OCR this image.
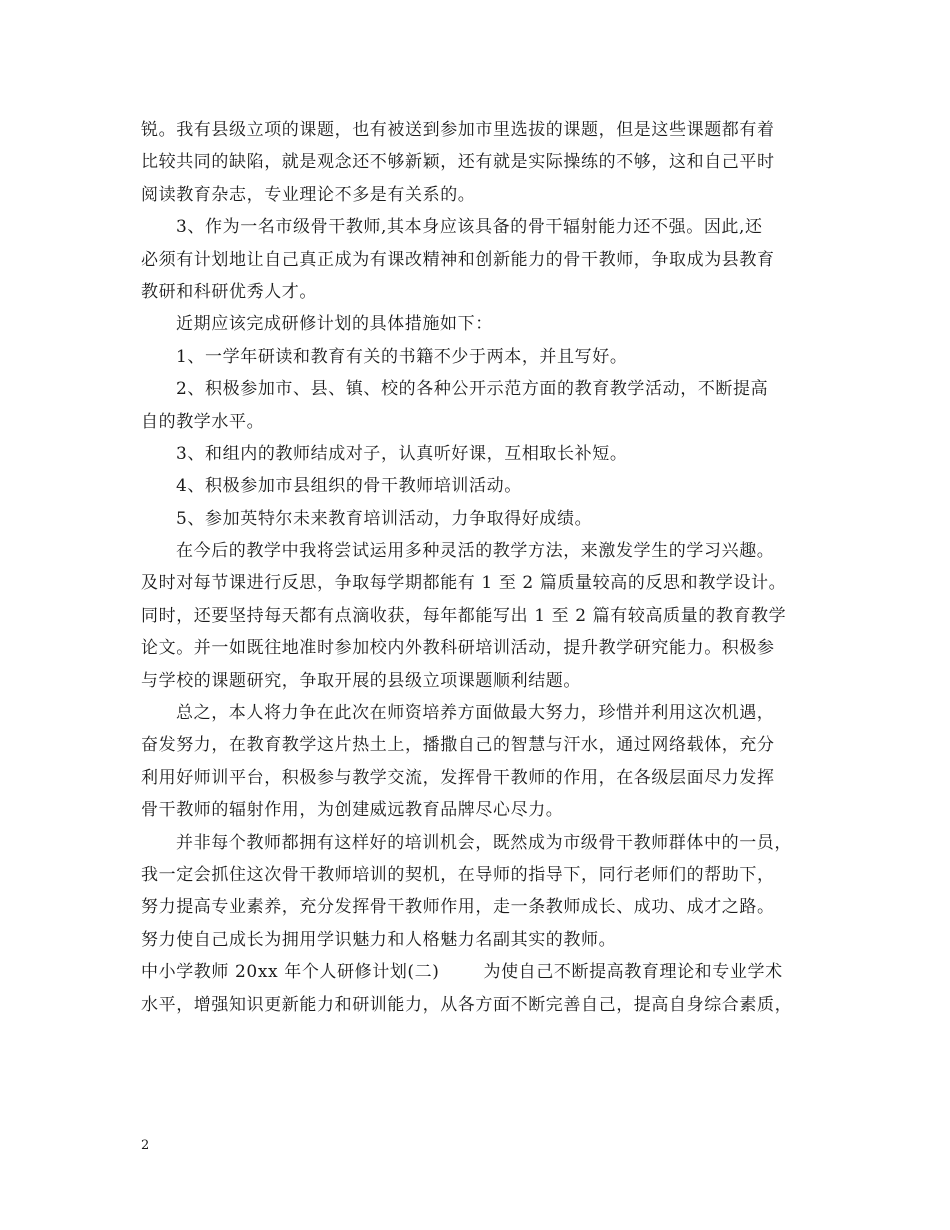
锐。我有县级立项的课题，也有被送到参加市里选拔的课题，但是这些课题都有着
比较共同的缺陷，就是观念还不够新颖，还有就是实际操练的不够，这和自己平时
阅读教育杂志，专业理论不多是有关系的。
3、作为一名市级骨干教师,其本身应该具备的骨干辐射能力还不强。因此,还
必须有计划地让自己真正成为有课改精神和创新能力的骨干教师，争取成为县教育
教研和科研优秀人才。
近期应该完成研修计划的具体措施如下：
1、一学年研读和教育有关的书籍不少于两本，并且写好。
2、积极参加市、县、镇、校的各种公开示范方面的教育教学活动，不断提高
自的教学水平。
3、和组内的教师结成对子，认真听好课，互相取长补短。
4、积极参加市县组织的骨干教师培训活动。
5、参加英特尔未来教育培训活动，力争取得好成绩。
在今后的教学中我将尝试运用多种灵活的教学方法，来激发学生的学习兴趣。
及时对每节课进行反思，争取每学期都能有 1 至 2 篇质量较高的反思和教学设计。
同时，还要坚持每天都有点滴收获，每年都能写出 1 至 2 篇有较高质量的教育教学
论文。并一如既往地准时参加校内外教科研培训活动，提升教学研究能力。积极参
与学校的课题研究，争取开展的县级立项课题顺利结题。
总之，本人将力争在此次在师资培养方面做最大努力，珍惜并利用这次机遇，
奋发努力，在教育教学这片热土上，播撒自己的智慧与汗水，通过网络载体，充分
利用好师训平台，积极参与教学交流，发挥骨干教师的作用，在各级层面尽力发挥
骨干教师的辐射作用，为创建威远教育品牌尽心尽力。
并非每个教师都拥有这样好的培训机会，既然成为市级骨干教师群体中的一员，
我一定会抓住这次骨干教师培训的契机，在导师的指导下，同行老师们的帮助下，
努力提高专业素养，充分发挥骨干教师作用，走一条教师成长、成功、成才之路。
努力使自己成长为拥用学识魅力和人格魅力名副其实的教师。
中小学教师 20xx 年个人研修计划(二)	为使自己不断提高教育理论和专业学术
水平，增强知识更新能力和研训能力，从各方面不断完善自己，提高自身综合素质，
2
